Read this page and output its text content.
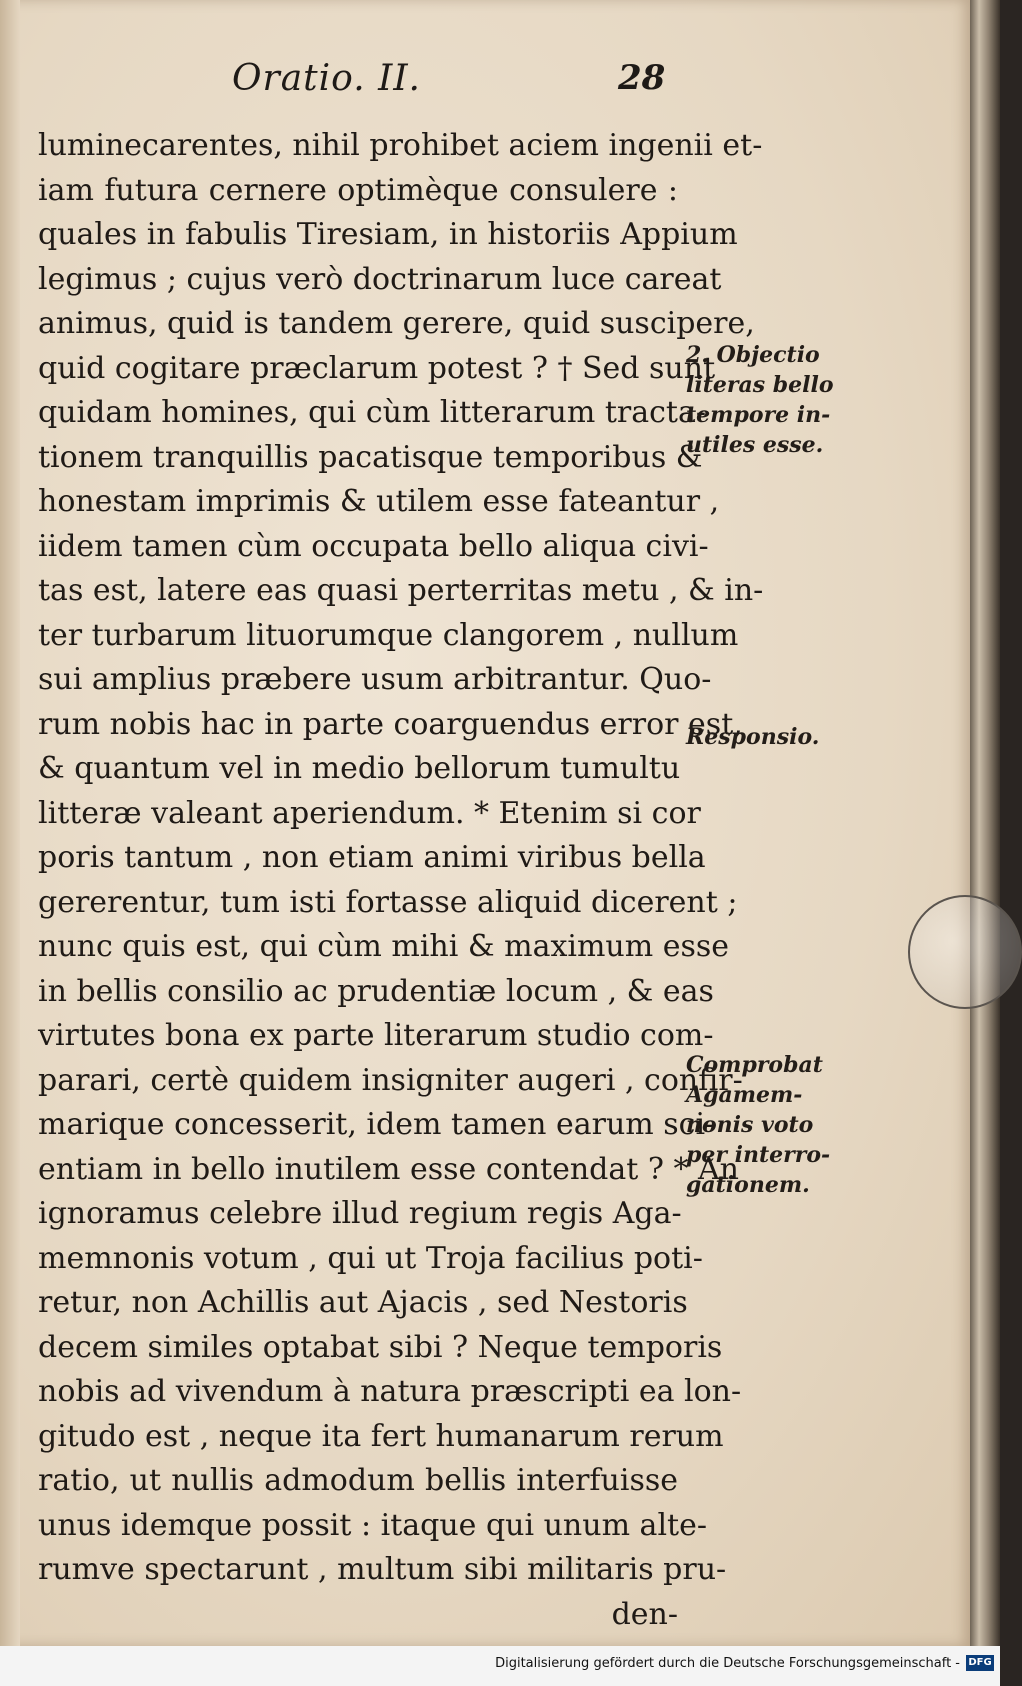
Oratio. II.	28
luminecarentes, nihil prohibet aciem ingenii et-
iam futura cernere optimèque consulere :
quales in fabulis Tiresiam, in historiis Appium
legimus ; cujus verò doctrinarum luce careat
animus, quid is tandem gerere, quid suscipere,
quid cogitare præclarum potest ? † Sed sunt
quidam homines, qui cùm litterarum tracta-
tionem tranquillis pacatisque temporibus &
honestam imprimis & utilem esse fateantur ,
iidem tamen cùm occupata bello aliqua civi-
tas est, latere eas quasi perterritas metu , & in-
ter turbarum lituorumque clangorem , nullum
sui amplius præbere usum arbitrantur. Quo-
rum nobis hac in parte coarguendus error est,
& quantum vel in medio bellorum tumultu
litteræ valeant aperiendum. * Etenim si cor
poris tantum , non etiam animi viribus bella
gererentur, tum isti fortasse aliquid dicerent ;
nunc quis est, qui cùm mihi & maximum esse
in bellis consilio ac prudentiæ locum , & eas
virtutes bona ex parte literarum studio com-
parari, certè quidem insigniter augeri , confir-
marique concesserit, idem tamen earum sci-
entiam in bello inutilem esse contendat ? * An
ignoramus celebre illud regium regis Aga-
memnonis votum , qui ut Troja facilius poti-
retur, non Achillis aut Ajacis , sed Nestoris
decem similes optabat sibi ? Neque temporis
nobis ad vivendum à natura præscripti ea lon-
gitudo est , neque ita fert humanarum rerum
ratio, ut nullis admodum bellis interfuisse
unus idemque possit : itaque qui unum alte-
rumve spectarunt , multum sibi militaris pru-
den-
2. Objectio
literas bello
tempore in-
utiles esse.
Responsio.
Comprobat
Agamem-
nonis voto
per interro-
gationem.
Digitalisierung gefördert durch die Deutsche Forschungsgemeinschaft - DFG
